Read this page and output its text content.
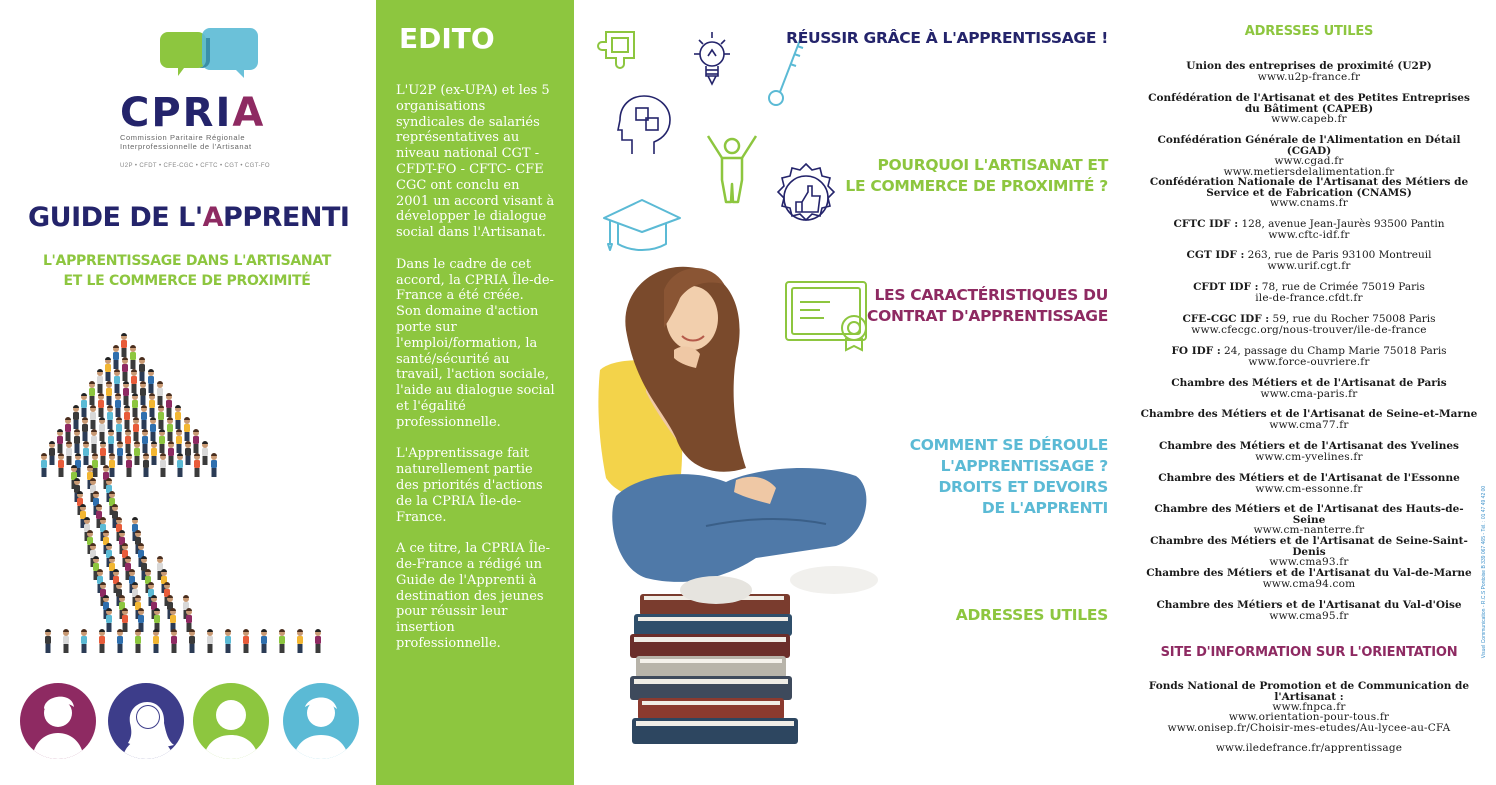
CPRIA
Commission Paritaire Régionale
Interprofessionnelle de l'Artisanat
U2P • CFDT • CFE-CGC • CFTC • CGT • CGT-FO
GUIDE DE L'APPRENTI
L'APPRENTISSAGE DANS L'ARTISANAT
ET LE COMMERCE DE PROXIMITÉ
EDITO

L'U2P (ex-UPA) et les 5 organisations syndicales de salariés représentatives au niveau national CGT - CFDT-FO - CFTC- CFE CGC ont conclu en 2001 un accord visant à développer le dialogue social dans l'Artisanat.

Dans le cadre de cet accord, la CPRIA Île-de-France a été créée.

Son domaine d'action porte sur l'emploi/formation, la santé/sécurité au travail, l'action sociale, l'aide au dialogue social et l'égalité professionnelle.

L'Apprentissage fait naturellement partie des priorités d'actions de la CPRIA Île-de-France.

A ce titre, la CPRIA Île-de-France a rédigé un Guide de l'Apprenti à destination des jeunes pour réussir leur insertion professionnelle.

RÉUSSIR GRÂCE À L'APPRENTISSAGE !
POURQUOI L'ARTISANAT ET
LE COMMERCE DE PROXIMITÉ ?
LES CARACTÉRISTIQUES DU
CONTRAT D'APPRENTISSAGE
COMMENT SE DÉROULE
L'APPRENTISSAGE ?
DROITS ET DEVOIRS
DE L'APPRENTI
ADRESSES UTILES
ADRESSES UTILES
Union des entreprises de proximité (U2P)
www.u2p-france.fr
Confédération de l'Artisanat et des Petites Entreprises du Bâtiment (CAPEB)
www.capeb.fr
Confédération Générale de l'Alimentation en Détail (CGAD)
www.cgad.fr
www.metiersdelalimentation.fr
Confédération Nationale de l'Artisanat des Métiers de Service et de Fabrication (CNAMS)
www.cnams.fr
CFTC IDF : 128, avenue Jean-Jaurès 93500 Pantin
www.cftc-idf.fr
CGT IDF : 263, rue de Paris 93100 Montreuil
www.urif.cgt.fr
CFDT IDF : 78, rue de Crimée 75019 Paris
ile-de-france.cfdt.fr
CFE-CGC IDF : 59, rue du Rocher 75008 Paris
www.cfecgc.org/nous-trouver/ile-de-france
FO IDF : 24, passage du Champ Marie 75018 Paris
www.force-ouvriere.fr
Chambre des Métiers et de l'Artisanat de Paris
www.cma-paris.fr
Chambre des Métiers et de l'Artisanat de Seine-et-Marne
www.cma77.fr
Chambre des Métiers et de l'Artisanat des Yvelines
www.cm-yvelines.fr
Chambre des Métiers et de l'Artisanat de l'Essonne
www.cm-essonne.fr
Chambre des Métiers et de l'Artisanat des Hauts-de-Seine
www.cm-nanterre.fr
Chambre des Métiers et de l'Artisanat de Seine-Saint-Denis
www.cma93.fr
Chambre des Métiers et de l'Artisanat du Val-de-Marne
www.cma94.com
Chambre des Métiers et de l'Artisanat du Val-d'Oise
www.cma95.fr
SITE D'INFORMATION SUR L'ORIENTATION
Fonds National de Promotion et de Communication de l'Artisanat :
www.fnpca.fr
www.orientation-pour-tous.fr
www.onisep.fr/Choisir-mes-etudes/Au-lycee-au-CFA
www.iledefrance.fr/apprentissage
Visuel Communication - R.C.S Pontoise B 339 067 465 - Tél. : 01 47 49 42 00
